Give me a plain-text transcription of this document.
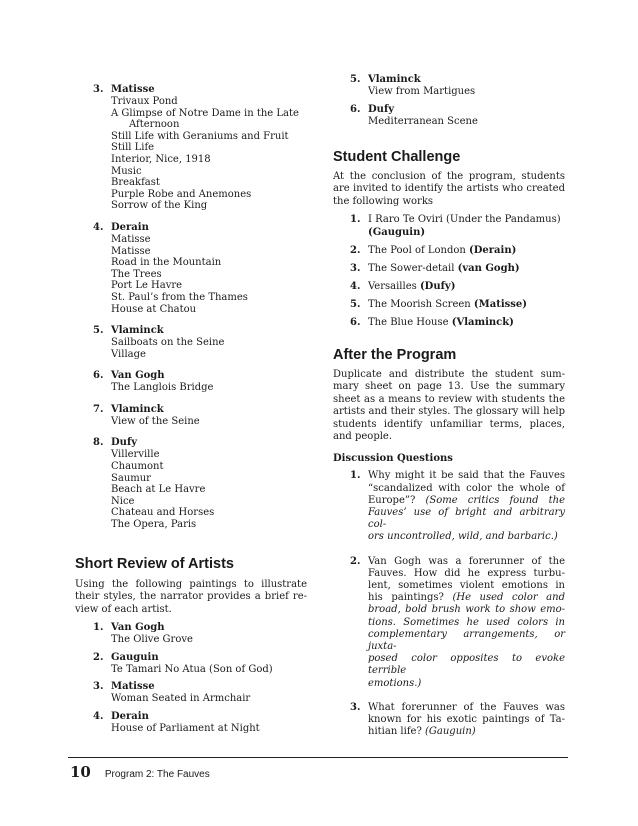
3. Matisse
Trivaux Pond
A Glimpse of Notre Dame in the Late
Afternoon
Still Life with Geraniums and Fruit
Still Life
Interior, Nice, 1918
Music
Breakfast
Purple Robe and Anemones
Sorrow of the King
4. Derain
Matisse
Matisse
Road in the Mountain
The Trees
Port Le Havre
St. Paul’s from the Thames
House at Chatou
5. Vlaminck
Sailboats on the Seine
Village
6. Van Gogh
The Langlois Bridge
7. Vlaminck
View of the Seine
8. Dufy
Villerville
Chaumont
Saumur
Beach at Le Havre
Nice
Chateau and Horses
The Opera, Paris
Short Review of Artists
Using the following paintings to illustrate
their styles, the narrator provides a brief re-
view of each artist.
1. Van Gogh
The Olive Grove
2. Gauguin
Te Tamari No Atua (Son of God)
3. Matisse
Woman Seated in Armchair
4. Derain
House of Parliament at Night
5. Vlaminck
View from Martigues
6. Dufy
Mediterranean Scene
Student Challenge
At the conclusion of the program, students
are invited to identify the artists who created
the following works
1. I Raro Te Oviri (Under the Pandamus)
(Gauguin)
2. The Pool of London (Derain)
3. The Sower-detail (van Gogh)
4. Versailles (Dufy)
5. The Moorish Screen (Matisse)
6. The Blue House (Vlaminck)
After the Program
Duplicate and distribute the student sum-
mary sheet on page 13. Use the summary
sheet as a means to review with students the
artists and their styles. The glossary will help
students identify unfamiliar terms, places,
and people.
Discussion Questions
1. Why might it be said that the Fauves
“scandalized with color the whole of
Europe”? (Some critics found the
Fauves’ use of bright and arbitrary col-
ors uncontrolled, wild, and barbaric.)
2. Van Gogh was a forerunner of the
Fauves. How did he express turbu-
lent, sometimes violent emotions in
his paintings? (He used color and
broad, bold brush work to show emo-
tions. Sometimes he used colors in
complementary arrangements, or juxta-
posed color opposites to evoke terrible
emotions.)
3. What forerunner of the Fauves was
known for his exotic paintings of Ta-
hitian life? (Gauguin)
10 Program 2: The Fauves
